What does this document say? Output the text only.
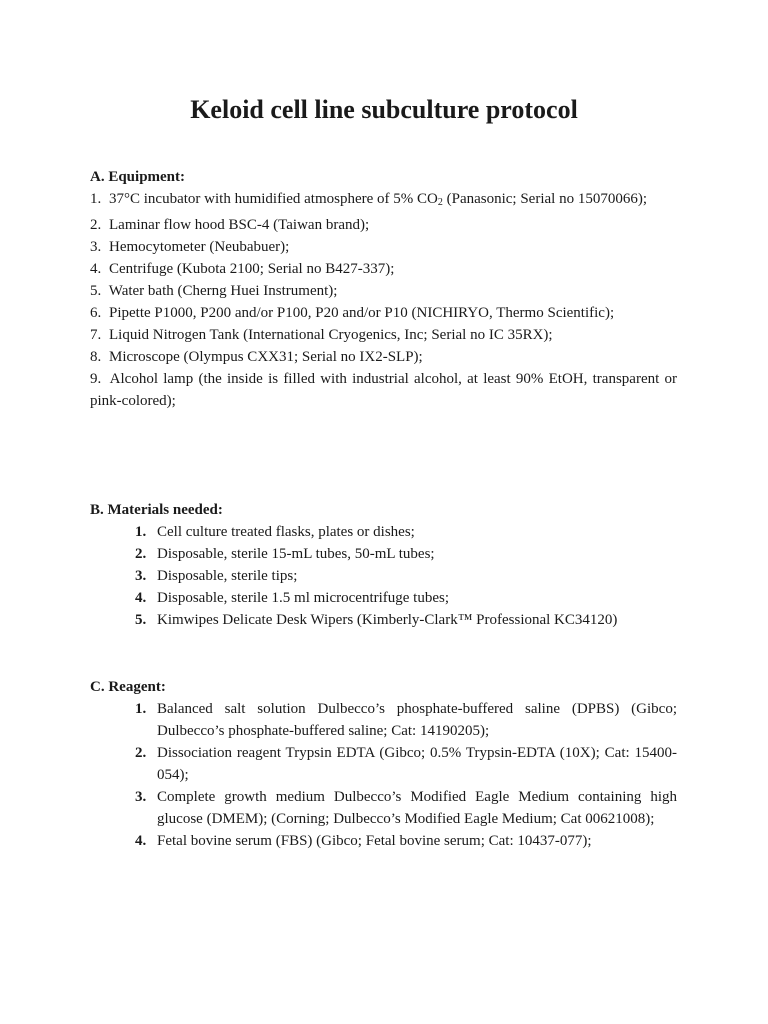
Keloid cell line subculture protocol
A. Equipment:
1. 37°C incubator with humidified atmosphere of 5% $CO_2$ (Panasonic; Serial no 15070066);
2. Laminar flow hood BSC-4 (Taiwan brand);
3. Hemocytometer (Neubabuer);
4. Centrifuge (Kubota 2100; Serial no B427-337);
5. Water bath (Cherng Huei Instrument);
6. Pipette P1000, P200 and/or P100, P20 and/or P10 (NICHIRYO, Thermo Scientific);
7. Liquid Nitrogen Tank (International Cryogenics, Inc; Serial no IC 35RX);
8. Microscope (Olympus CXX31; Serial no IX2-SLP);
9. Alcohol lamp (the inside is filled with industrial alcohol, at least 90% EtOH, transparent or pink-colored);
B. Materials needed:
1. Cell culture treated flasks, plates or dishes;
2. Disposable, sterile 15-mL tubes, 50-mL tubes;
3. Disposable, sterile tips;
4. Disposable, sterile 1.5 ml microcentrifuge tubes;
5. Kimwipes Delicate Desk Wipers (Kimberly-Clark™ Professional KC34120)
C. Reagent:
1. Balanced salt solution Dulbecco’s phosphate-buffered saline (DPBS) (Gibco; Dulbecco’s phosphate-buffered saline; Cat: 14190205);
2. Dissociation reagent Trypsin EDTA (Gibco; 0.5% Trypsin-EDTA (10X); Cat: 15400-054);
3. Complete growth medium Dulbecco’s Modified Eagle Medium containing high glucose (DMEM); (Corning; Dulbecco’s Modified Eagle Medium; Cat 00621008);
4. Fetal bovine serum (FBS) (Gibco; Fetal bovine serum; Cat: 10437-077);
